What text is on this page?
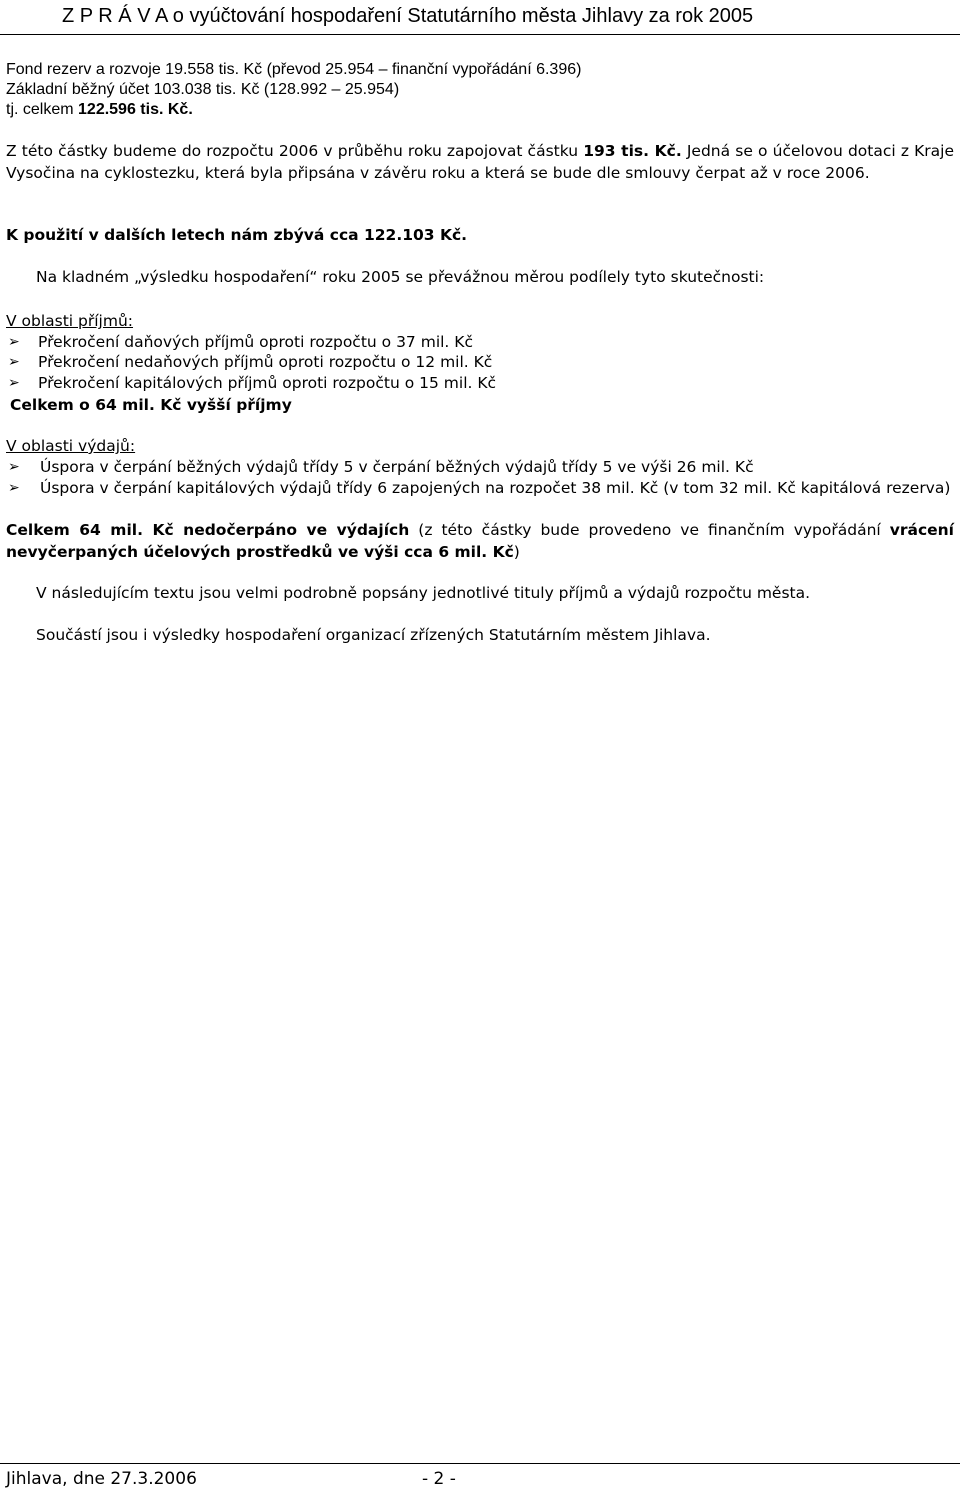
Z P R Á V A o vyúčtování hospodaření Statutárního města Jihlavy za rok 2005
Fond rezerv a rozvoje 19.558 tis. Kč (převod 25.954 – finanční vypořádání 6.396)
Základní běžný účet 103.038 tis. Kč (128.992 – 25.954)
tj. celkem 122.596 tis. Kč.
Z této částky budeme do rozpočtu 2006 v průběhu roku zapojovat částku 193 tis. Kč. Jedná se o účelovou dotaci z Kraje Vysočina na cyklostezku, která byla připsána v závěru roku a která se bude dle smlouvy čerpat až v roce 2006.
K použití v dalších letech nám zbývá cca 122.103 Kč.
Na kladném „výsledku hospodaření“ roku 2005 se převážnou měrou podílely tyto skutečnosti:
V oblasti příjmů:
➢ Překročení daňových příjmů oproti rozpočtu o 37 mil. Kč
➢ Překročení nedaňových příjmů oproti rozpočtu o 12 mil. Kč
➢ Překročení kapitálových příjmů oproti rozpočtu o 15 mil. Kč
Celkem o 64 mil. Kč vyšší příjmy
V oblasti výdajů:
➢ Úspora v čerpání běžných výdajů třídy 5 v čerpání běžných výdajů třídy 5 ve výši 26 mil. Kč
➢ Úspora v čerpání kapitálových výdajů třídy 6 zapojených na rozpočet 38 mil. Kč (v tom 32 mil. Kč kapitálová rezerva)
Celkem 64 mil. Kč nedočerpáno ve výdajích (z této částky bude provedeno ve finančním vypořádání vrácení nevyčerpaných účelových prostředků ve výši cca 6 mil. Kč)
V následujícím textu jsou velmi podrobně popsány jednotlivé tituly příjmů a výdajů rozpočtu města.
Součástí jsou i výsledky hospodaření organizací zřízených Statutárním městem Jihlava.
Jihlava, dne 27.3.2006	- 2 -
